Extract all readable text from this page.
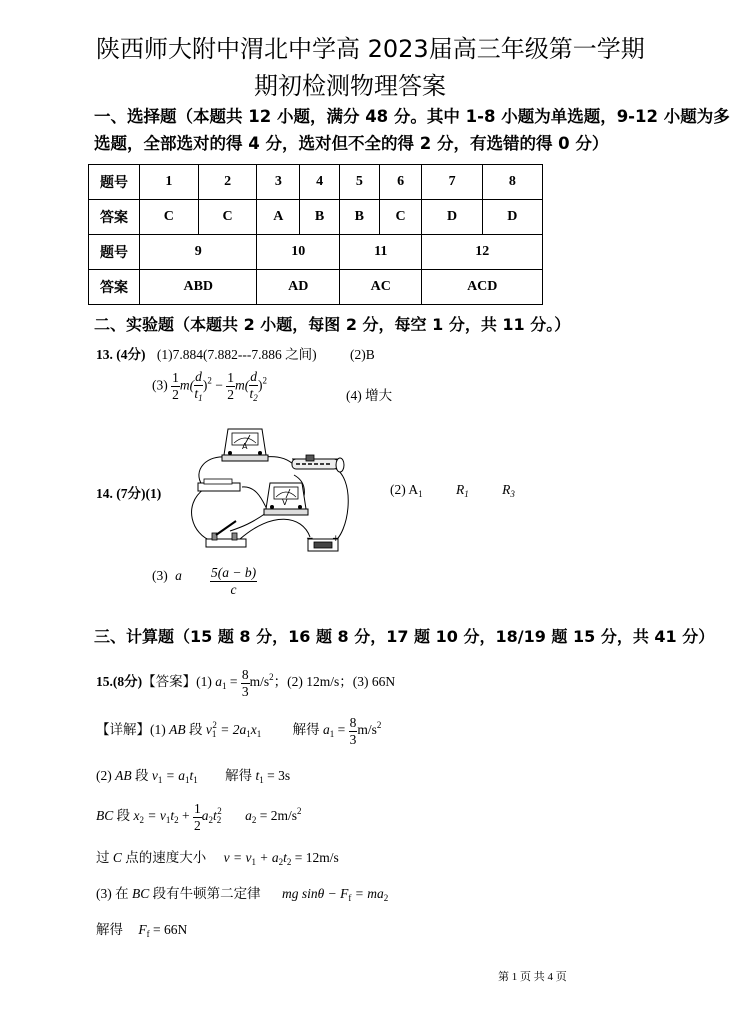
陕西师大附中渭北中学高 2023届高三年级第一学期
期初检测物理答案
一、选择题（本题共 12 小题，满分 48 分。其中 1-8 小题为单选题，9-12 小题为多
选题，全部选对的得 4 分，选对但不全的得 2 分，有选错的得 0 分）
题号	1	2	3	4	5	6	7	8
答案	C	C	A	B	B	C	D	D
题号	9		10		11		12	
答案	ABD		AD		AC		ACD	
二、实验题（本题共 2 小题，每图 2 分，每空 1 分，共 11 分。）
13. (4分) (1)7.884(7.882---7.886 之间) (2)B
$(3) \frac{1}{2} m( \frac{d}{t_1} )^2 - \frac{1}{2} m( \frac{d}{t_2} )^2$
(4) 增大
14. (7分)(1)
A
V
− +
(2) $A_1$ $R_1$ $R_3$
(3) a $\frac{5(a - b)}{c}$
三、计算题（15 题 8 分，16 题 8 分，17 题 10 分，18/19 题 15 分，共 41 分）
15.(8分)【答案】(1) $a_1 = \frac{8}{3} m/s^2$；(2) 12m/s；(3) 66N
【详解】(1) AB 段 $v_1^2 = 2a_1x_1$ 解得 $a_1 = \frac{8}{3} m/s^2$
(2) AB 段 $v_1 = a_1t_1$ 解得 $t_1 = 3s$
BC 段 $x_2 = v_1t_2 + \frac{1}{2} a_2t_2^2$ $a_2 = 2m/s^2$
过 C 点的速度大小 $v = v_1 + a_2t_2 = 12m/s$
(3) 在 BC 段有牛顿第二定律 mg $\sin\theta - F_f = ma_2$
解得 $F_f = 66N$
第 1 页 共 4 页
